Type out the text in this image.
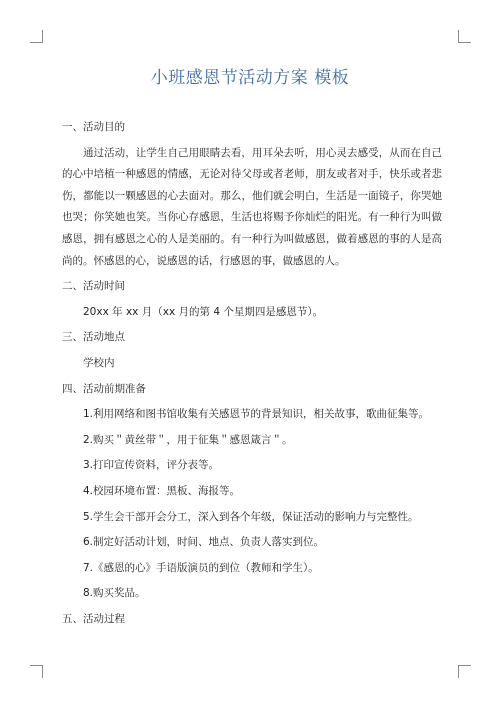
小班感恩节活动方案 模板

一、活动目的

通过活动，让学生自己用眼睛去看，用耳朵去听，用心灵去感受，从而在自己的心中培植一种感恩的情感，无论对待父母或者老师，朋友或者对手，快乐或者悲伤，都能以一颗感恩的心去面对。那么，他们就会明白，生活是一面镜子，你哭她也哭；你笑她也笑。当你心存感恩，生活也将赐予你灿烂的阳光。有一种行为叫做感恩，拥有感恩之心的人是美丽的。有一种行为叫做感恩，做着感恩的事的人是高尚的。怀感恩的心，说感恩的话，行感恩的事，做感恩的人。

二、活动时间

20xx 年 xx 月（xx 月的第 4 个星期四是感恩节）。

三、活动地点

学校内

四、活动前期准备

1.利用网络和图书馆收集有关感恩节的背景知识，相关故事，歌曲征集等。

2.购买＂黄丝带＂，用于征集＂感恩箴言＂。

3.打印宣传资料，评分表等。

4.校园环境布置：黑板、海报等。

5.学生会干部开会分工，深入到各个年级，保证活动的影响力与完整性。

6.制定好活动计划，时间、地点、负责人落实到位。

7.《感恩的心》手语版演员的到位（教师和学生）。

8.购买奖品。

五、活动过程
